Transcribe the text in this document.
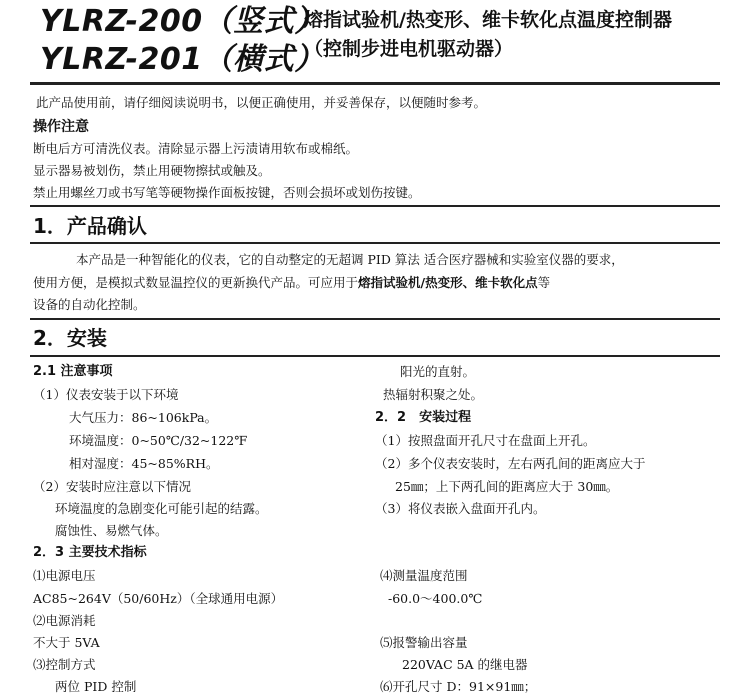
YLRZ-200（竖式）
YLRZ-201（横式）
熔指试验机/热变形、维卡软化点温度控制器
（控制步进电机驱动器）
此产品使用前，请仔细阅读说明书，以便正确使用，并妥善保存，以便随时参考。
操作注意
断电后方可清洗仪表。清除显示器上污渍请用软布或棉纸。
显示器易被划伤，禁止用硬物擦拭或触及。
禁止用螺丝刀或书写笔等硬物操作面板按键，否则会损坏或划伤按键。
1．产品确认
本产品是一种智能化的仪表，它的自动整定的无超调 PID 算法 适合医疗器械和实验室仪器的要求，
使用方便，是模拟式数显温控仪的更新换代产品。可应用于熔指试验机/热变形、维卡软化点等
设备的自动化控制。
2．安装
2.1 注意事项
（1）仪表安装于以下环境
大气压力：86~106kPa。
环境温度：0~50℃/32~122℉
相对湿度：45~85%RH。
（2）安装时应注意以下情况
环境温度的急剧变化可能引起的结露。
腐蚀性、易燃气体。
阳光的直射。
热辐射积聚之处。
2．2　安装过程
（1）按照盘面开孔尺寸在盘面上开孔。
（2）多个仪表安装时，左右两孔间的距离应大于
25㎜；上下两孔间的距离应大于 30㎜。
（3）将仪表嵌入盘面开孔内。
2．3 主要技术指标
⑴电源电压
AC85~264V（50/60Hz）（全球通用电源）
⑵电源消耗
不大于 5VA
⑶控制方式
两位 PID 控制
⑷测量温度范围
-60.0～400.0℃
⑸报警输出容量
220VAC 5A 的继电器
⑹开孔尺寸 D：91×91㎜；
